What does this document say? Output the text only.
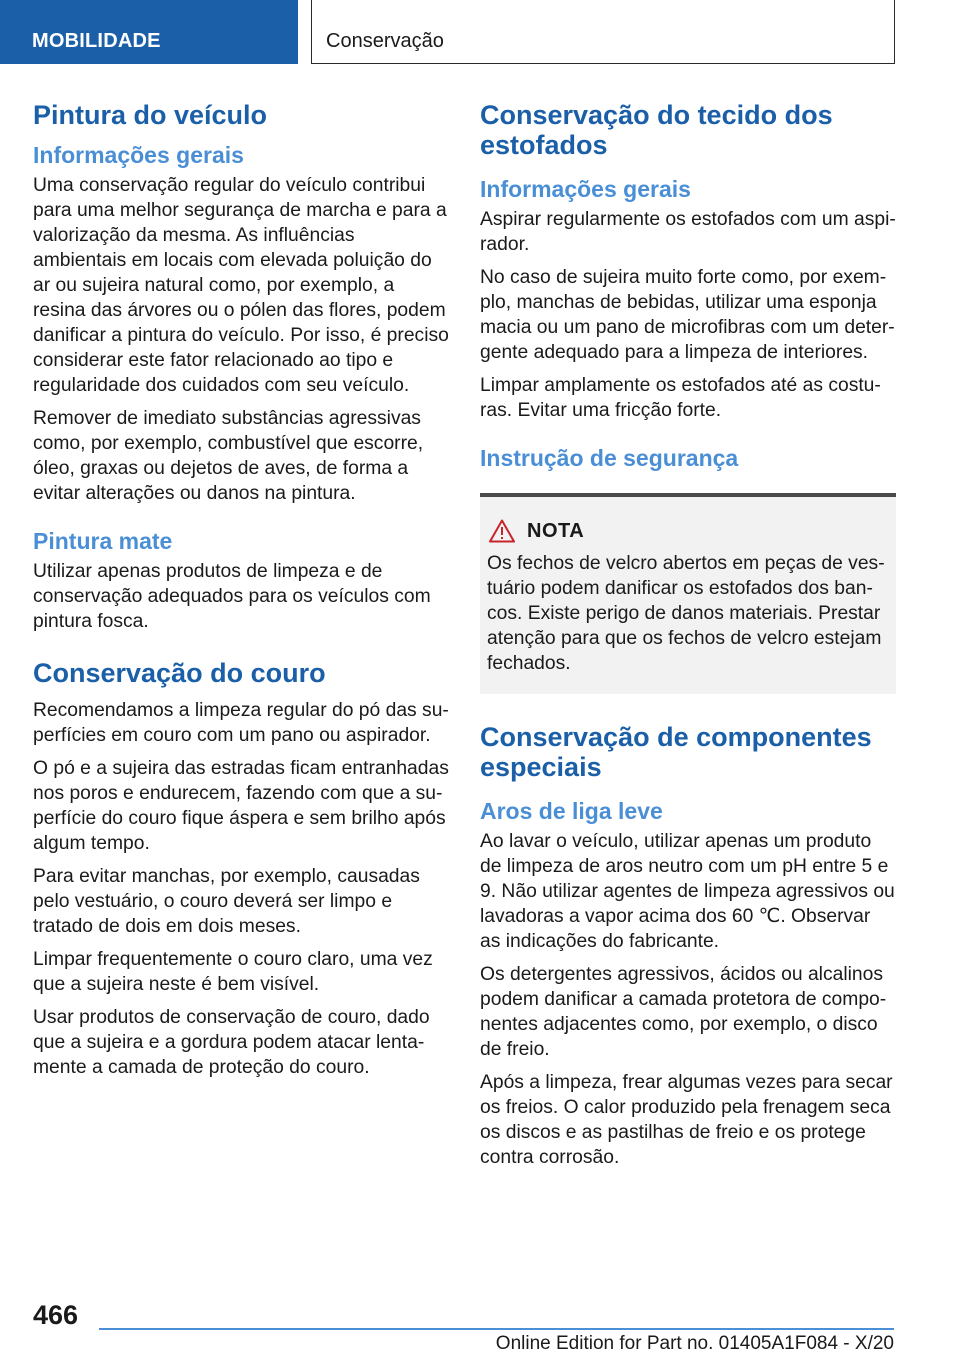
MOBILIDADE	Conservação
Pintura do veículo
Informações gerais

Uma conservação regular do veículo contribui para uma melhor segurança de marcha e para a valorização da mesma. As influências ambientais em locais com elevada poluição do ar ou sujeira natural como, por exemplo, a resina das árvores ou o pólen das flores, podem danificar a pintura do veículo. Por isso, é preciso considerar este fator relacionado ao tipo e regularidade dos cuidados com seu veículo.

Remover de imediato substâncias agressivas como, por exemplo, combustível que escorre, óleo, graxas ou dejetos de aves, de forma a evitar alterações ou danos na pintura.

Pintura mate

Utilizar apenas produtos de limpeza e de conservação adequados para os veículos com pintura fosca.

Conservação do couro

Recomendamos a limpeza regular do pó das superfícies em couro com um pano ou aspirador.

O pó e a sujeira das estradas ficam entranhadas nos poros e endurecem, fazendo com que a superfície do couro fique áspera e sem brilho após algum tempo.

Para evitar manchas, por exemplo, causadas pelo vestuário, o couro deverá ser limpo e tratado de dois em dois meses.

Limpar frequentemente o couro claro, uma vez que a sujeira neste é bem visível.

Usar produtos de conservação de couro, dado que a sujeira e a gordura podem atacar lentamente a camada de proteção do couro.

Conservação do tecido dos estofados
Informações gerais

Aspirar regularmente os estofados com um aspirador.

No caso de sujeira muito forte como, por exemplo, manchas de bebidas, utilizar uma esponja macia ou um pano de microfibras com um detergente adequado para a limpeza de interiores.

Limpar amplamente os estofados até as costuras. Evitar uma fricção forte.

Instrução de segurança
NOTA

Os fechos de velcro abertos em peças de vestuário podem danificar os estofados dos bancos. Existe perigo de danos materiais. Prestar atenção para que os fechos de velcro estejam fechados.

Conservação de componentes especiais
Aros de liga leve

Ao lavar o veículo, utilizar apenas um produto de limpeza de aros neutro com um pH entre 5 e 9. Não utilizar agentes de limpeza agressivos ou lavadoras a vapor acima dos 60 ℃. Observar as indicações do fabricante.

Os detergentes agressivos, ácidos ou alcalinos podem danificar a camada protetora de componentes adjacentes como, por exemplo, o disco de freio.

Após a limpeza, frear algumas vezes para secar os freios. O calor produzido pela frenagem seca os discos e as pastilhas de freio e os protege contra corrosão.

466
Online Edition for Part no. 01405A1F084 - X/20
